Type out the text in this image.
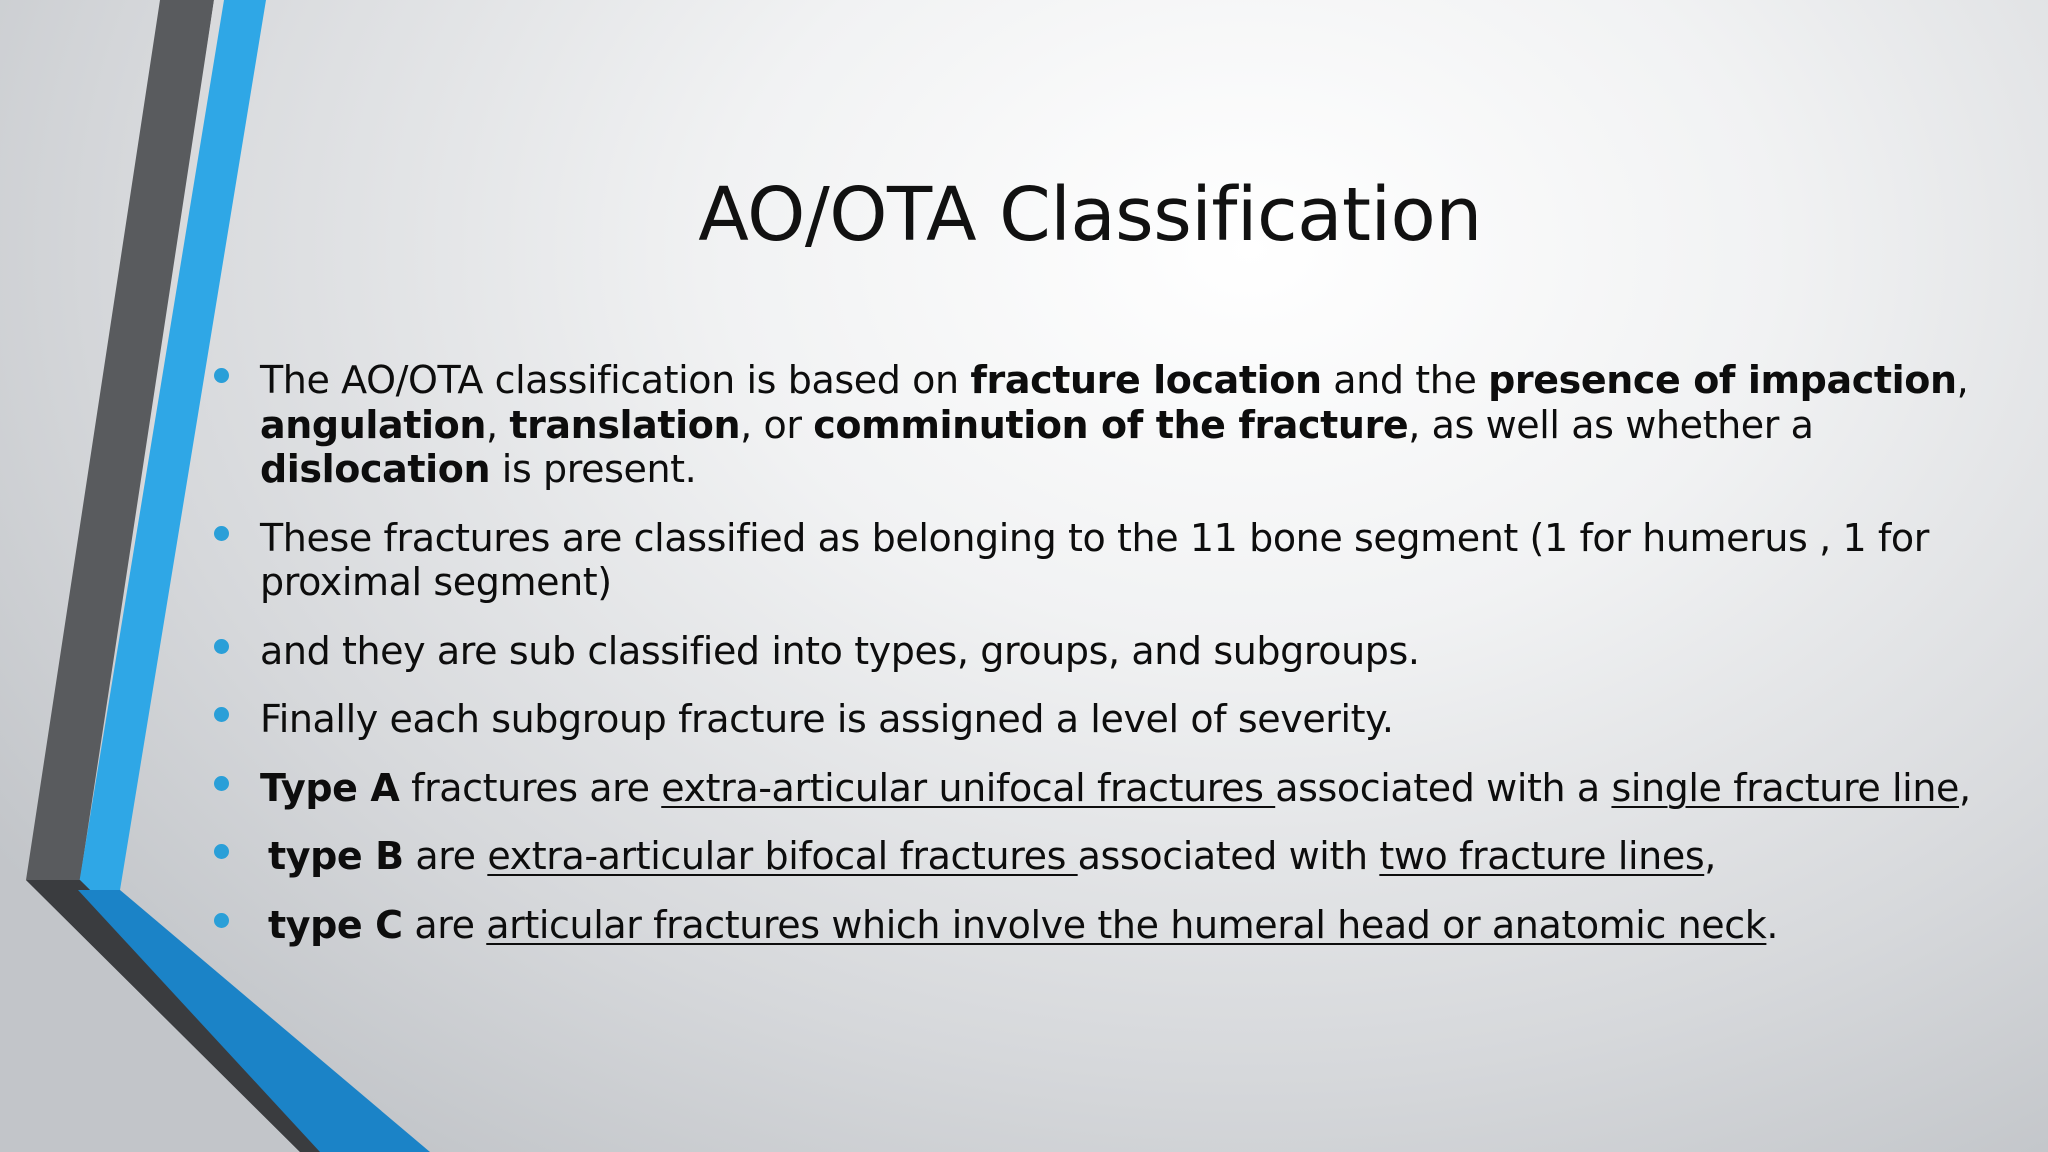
AO/OTA Classification
The AO/OTA classification is based on fracture location and the presence of impaction, angulation, translation, or comminution of the fracture, as well as whether a dislocation is present.
These fractures are classified as belonging to the 11 bone segment (1 for humerus , 1 for proximal segment)
and they are sub classified into types, groups, and subgroups.
Finally each subgroup fracture is assigned a level of severity.
Type A fractures are extra-articular unifocal fractures associated with a single fracture line,
type B are extra-articular bifocal fractures associated with two fracture lines,
type C are articular fractures which involve the humeral head or anatomic neck.
